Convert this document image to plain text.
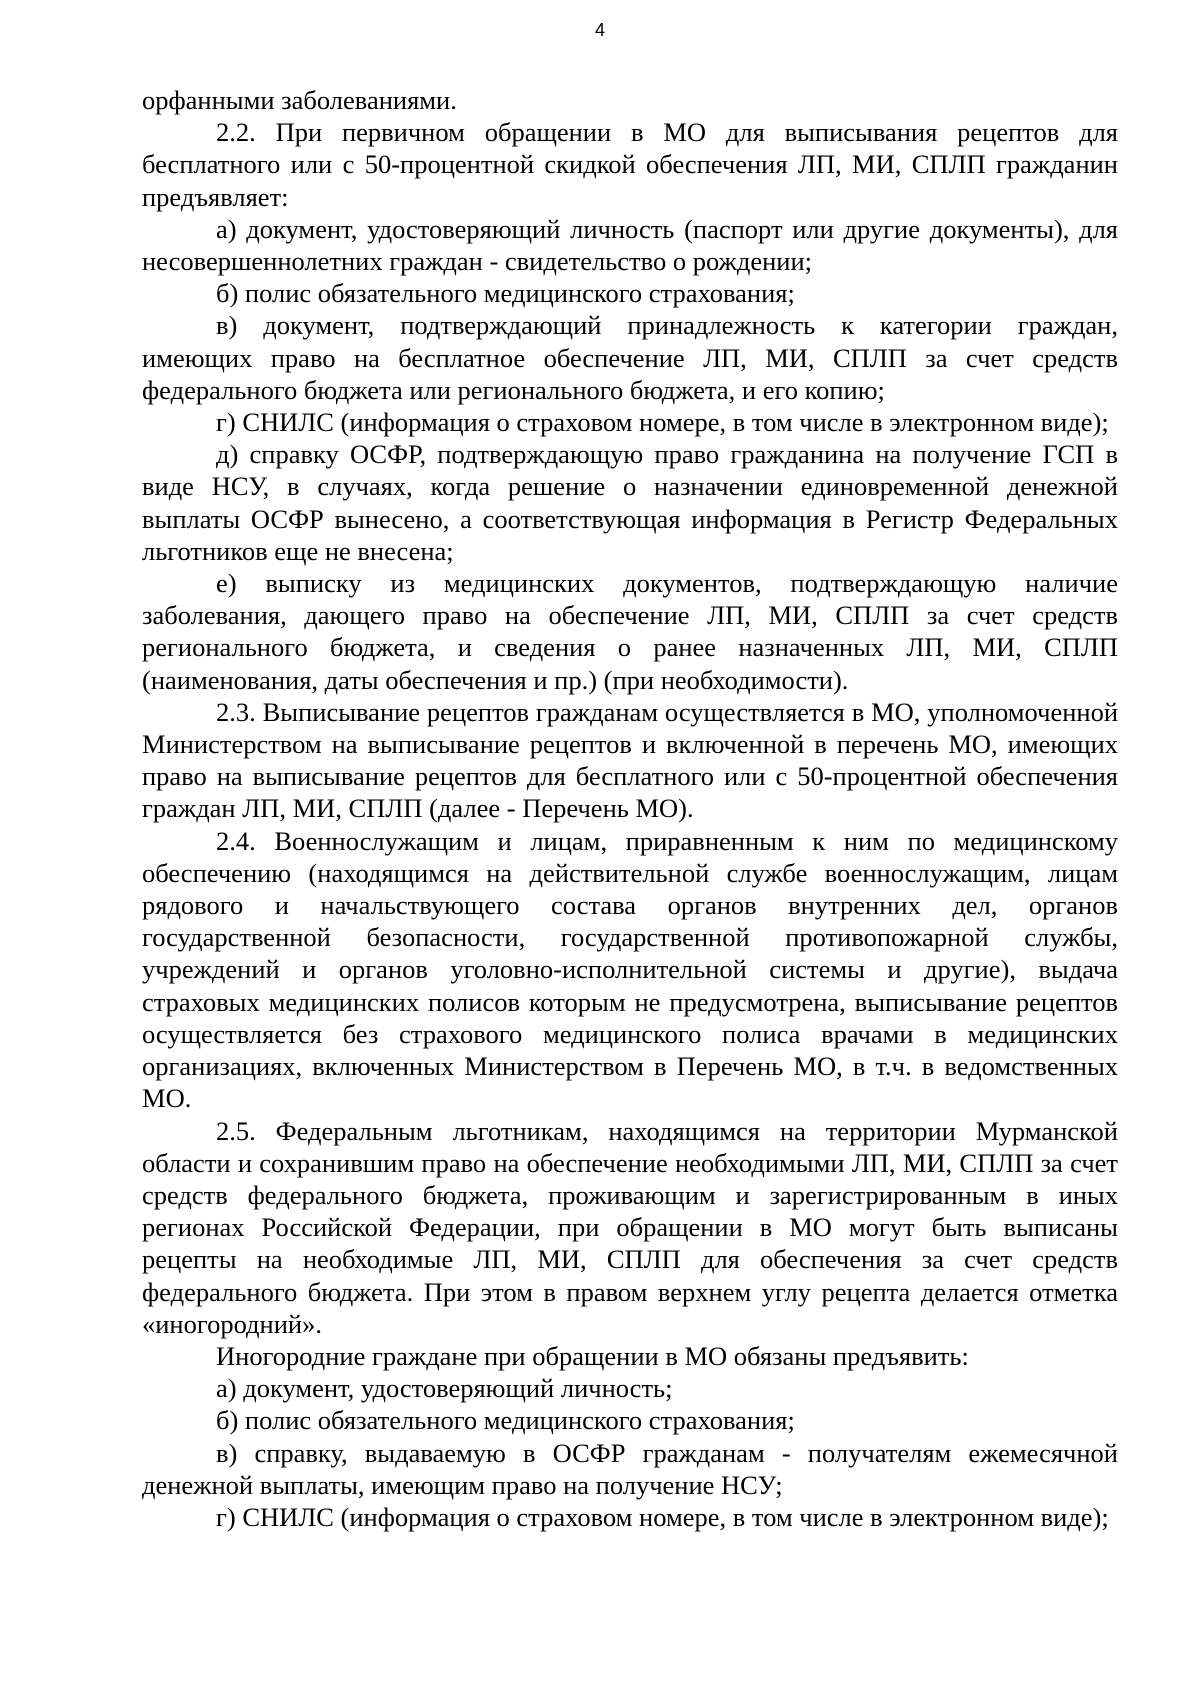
4

орфанными заболеваниями.

2.2. При первичном обращении в МО для выписывания рецептов для бесплатного или с 50-процентной скидкой обеспечения ЛП, МИ, СПЛП гражданин предъявляет:

а) документ, удостоверяющий личность (паспорт или другие документы), для несовершеннолетних граждан - свидетельство о рождении;

б) полис обязательного медицинского страхования;

в) документ, подтверждающий принадлежность к категории граждан, имеющих право на бесплатное обеспечение ЛП, МИ, СПЛП за счет средств федерального бюджета или регионального бюджета, и его копию;

г) СНИЛС (информация о страховом номере, в том числе в электронном виде);

д) справку ОСФР, подтверждающую право гражданина на получение ГСП в виде НСУ, в случаях, когда решение о назначении единовременной денежной выплаты ОСФР вынесено, а соответствующая информация в Регистр Федеральных льготников еще не внесена;

е) выписку из медицинских документов, подтверждающую наличие заболевания, дающего право на обеспечение ЛП, МИ, СПЛП за счет средств регионального бюджета, и сведения о ранее назначенных ЛП, МИ, СПЛП (наименования, даты обеспечения и пр.) (при необходимости).

2.3. Выписывание рецептов гражданам осуществляется в МО, уполномоченной Министерством на выписывание рецептов и включенной в перечень МО, имеющих право на выписывание рецептов для бесплатного или с 50-процентной обеспечения граждан ЛП, МИ, СПЛП (далее - Перечень МО).

2.4. Военнослужащим и лицам, приравненным к ним по медицинскому обеспечению (находящимся на действительной службе военнослужащим, лицам рядового и начальствующего состава органов внутренних дел, органов государственной безопасности, государственной противопожарной службы, учреждений и органов уголовно-исполнительной системы и другие), выдача страховых медицинских полисов которым не предусмотрена, выписывание рецептов осуществляется без страхового медицинского полиса врачами в медицинских организациях, включенных Министерством в Перечень МО, в т.ч. в ведомственных МО.

2.5. Федеральным льготникам, находящимся на территории Мурманской области и сохранившим право на обеспечение необходимыми ЛП, МИ, СПЛП за счет средств федерального бюджета, проживающим и зарегистрированным в иных регионах Российской Федерации, при обращении в МО могут быть выписаны рецепты на необходимые ЛП, МИ, СПЛП для обеспечения за счет средств федерального бюджета. При этом в правом верхнем углу рецепта делается отметка «иногородний».

Иногородние граждане при обращении в МО обязаны предъявить:

а) документ, удостоверяющий личность;

б) полис обязательного медицинского страхования;

в) справку, выдаваемую в ОСФР гражданам - получателям ежемесячной денежной выплаты, имеющим право на получение НСУ;

г) СНИЛС (информация о страховом номере, в том числе в электронном виде);
